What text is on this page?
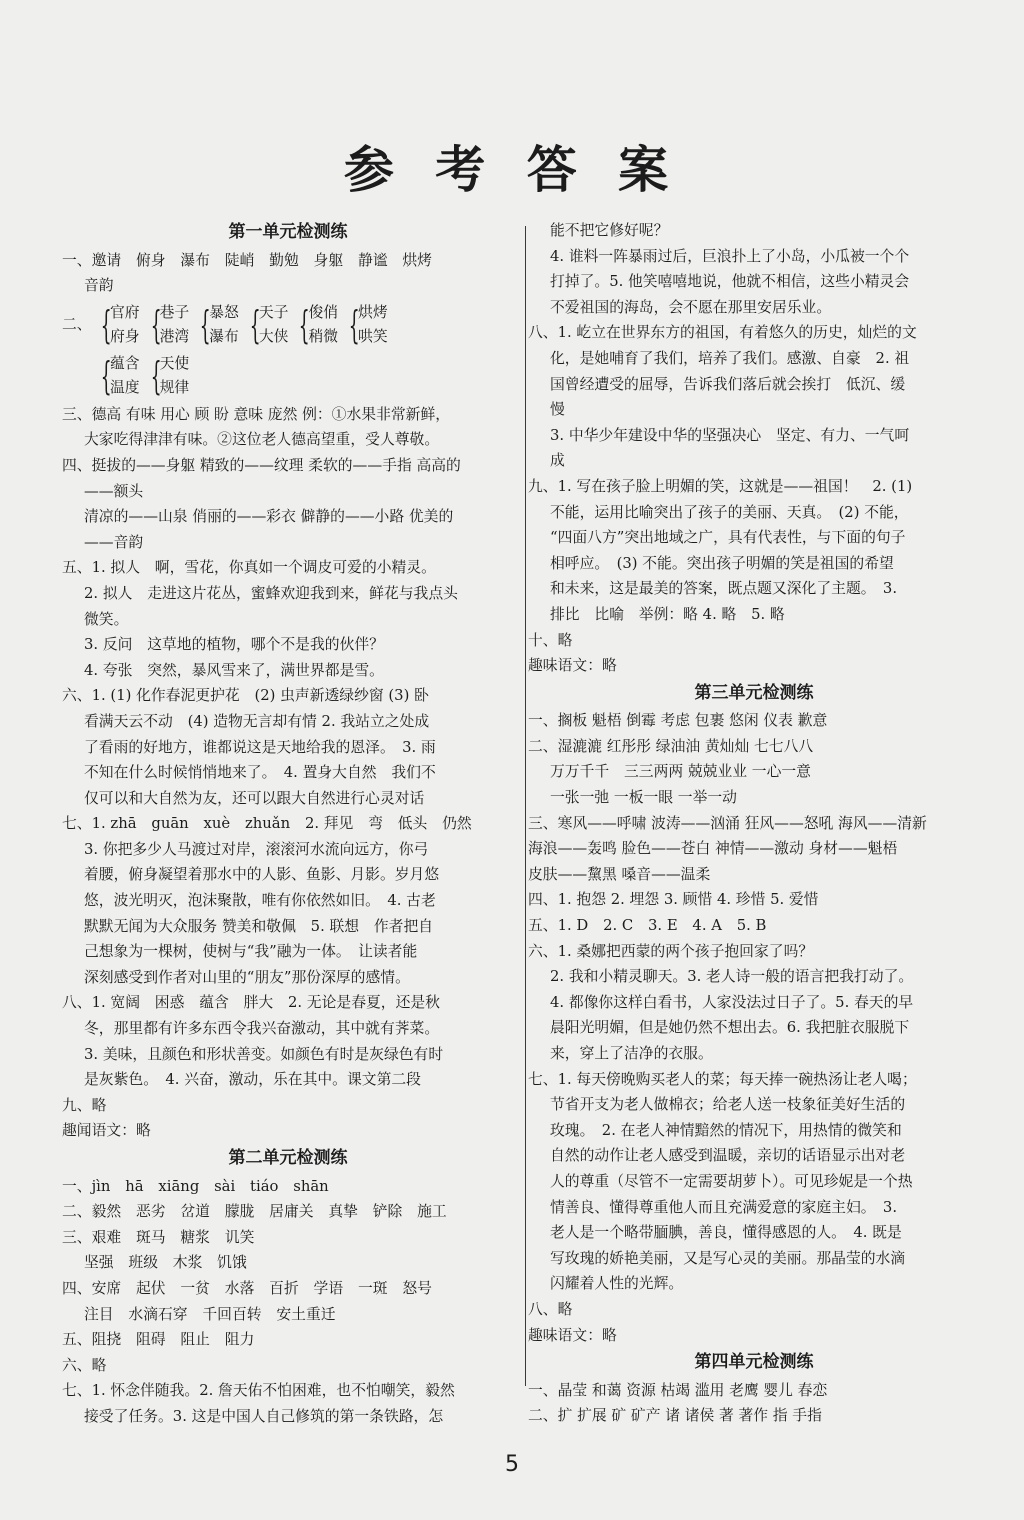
参 考 答 案
第一单元检测练
一、邀请　俯身　瀑布　陡峭　勤勉　身躯　静谧　烘烤
音韵
二、 {
官府
府身 {
巷子
港湾 {
暴怒
瀑布 {
天子
大侠 {
俊俏
稍微 {
烘烤
哄笑
{
蕴含
温度 {
天使
规律
三、德高 有味 用心 顾 盼 意味 庞然 例：①水果非常新鲜，
大家吃得津津有味。②这位老人德高望重，受人尊敬。
四、挺拔的——身躯 精致的——纹理 柔软的——手指 高高的
——额头
清凉的——山泉 俏丽的——彩衣 僻静的——小路 优美的
——音韵
五、1. 拟人　啊，雪花，你真如一个调皮可爱的小精灵。
2. 拟人　走进这片花丛，蜜蜂欢迎我到来，鲜花与我点头
微笑。
3. 反问　这草地的植物，哪个不是我的伙伴？
4. 夸张　突然，暴风雪来了，满世界都是雪。
六、1. (1) 化作春泥更护花　(2) 虫声新透绿纱窗 (3) 卧
看满天云不动　(4) 造物无言却有情 2. 我站立之处成
了看雨的好地方，谁都说这是天地给我的恩泽。　3. 雨
不知在什么时候悄悄地来了。　4. 置身大自然　我们不
仅可以和大自然为友，还可以跟大自然进行心灵对话
七、1. zhā　guān　xuè　zhuǎn　2. 拜见　弯　低头　仍然
3. 你把多少人马渡过对岸，滚滚河水流向远方，你弓
着腰，俯身凝望着那水中的人影、鱼影、月影。岁月悠
悠，波光明灭，泡沫聚散，唯有你依然如旧。　4. 古老
默默无闻为大众服务 赞美和敬佩　5. 联想　作者把自
己想象为一棵树，使树与“我”融为一体。　让读者能
深刻感受到作者对山里的“朋友”那份深厚的感情。
八、1. 宽阔　困惑　蕴含　胖大　2. 无论是春夏，还是秋
冬，那里都有许多东西令我兴奋激动，其中就有荠菜。
3. 美味，且颜色和形状善变。如颜色有时是灰绿色有时
是灰紫色。　4. 兴奋，激动，乐在其中。课文第二段
九、略
趣闻语文：略
第二单元检测练
一、jìn　hā　xiāng　sài　tiáo　shān
二、毅然　恶劣　岔道　朦胧　居庸关　真挚　铲除　施工
三、艰难　斑马　糖浆　讥笑
坚强　班级　木浆　饥饿
四、安席　起伏　一贫　水落　百折　学语　一斑　怒号
注目　水滴石穿　千回百转　安土重迁
五、阻挠　阻碍　阻止　阻力
六、略
七、1. 怀念伴随我。2. 詹天佑不怕困难，也不怕嘲笑，毅然
接受了任务。3. 这是中国人自己修筑的第一条铁路，怎
能不把它修好呢？
4. 谁料一阵暴雨过后，巨浪扑上了小岛，小瓜被一个个
打掉了。5. 他笑嘻嘻地说，他就不相信，这些小精灵会
不爱祖国的海岛，会不愿在那里安居乐业。
八、1. 屹立在世界东方的祖国，有着悠久的历史，灿烂的文
化，是她哺育了我们，培养了我们。感激、自豪　2. 祖
国曾经遭受的屈辱，告诉我们落后就会挨打　低沉、缓
慢
3. 中华少年建设中华的坚强决心　坚定、有力、一气呵
成
九、1. 写在孩子脸上明媚的笑，这就是——祖国！　2. (1)
不能，运用比喻突出了孩子的美丽、天真。　(2) 不能，
“四面八方”突出地域之广，具有代表性，与下面的句子
相呼应。　(3) 不能。突出孩子明媚的笑是祖国的希望
和未来，这是最美的答案，既点题又深化了主题。　3.
排比　比喻　举例：略 4. 略　5. 略
十、略
趣味语文：略
第三单元检测练
一、搁板 魁梧 倒霉 考虑 包裹 悠闲 仪表 歉意
二、湿漉漉 红彤彤 绿油油 黄灿灿 七七八八
万万千千　三三两两 兢兢业业 一心一意
一张一弛 一板一眼 一举一动
三、寒风——呼啸 波涛——汹涌 狂风——怒吼 海风——清新
海浪——轰鸣 脸色——苍白 神情——激动 身材——魁梧
皮肤——黧黑 嗓音——温柔
四、1. 抱怨 2. 埋怨 3. 顾惜 4. 珍惜 5. 爱惜
五、1. D　2. C　3. E　4. A　5. B
六、1. 桑娜把西蒙的两个孩子抱回家了吗？
2. 我和小精灵聊天。3. 老人诗一般的语言把我打动了。
4. 都像你这样白看书，人家没法过日子了。5. 春天的早
晨阳光明媚，但是她仍然不想出去。6. 我把脏衣服脱下
来，穿上了洁净的衣服。
七、1. 每天傍晚购买老人的菜；每天捧一碗热汤让老人喝；
节省开支为老人做棉衣；给老人送一枝象征美好生活的
玫瑰。　2. 在老人神情黯然的情况下，用热情的微笑和
自然的动作让老人感受到温暖，亲切的话语显示出对老
人的尊重（尽管不一定需要胡萝卜）。可见珍妮是一个热
情善良、懂得尊重他人而且充满爱意的家庭主妇。　3.
老人是一个略带腼腆，善良，懂得感恩的人。　4. 既是
写玫瑰的娇艳美丽，又是写心灵的美丽。那晶莹的水滴
闪耀着人性的光辉。
八、略
趣味语文：略
第四单元检测练
一、晶莹 和蔼 资源 枯竭 滥用 老鹰 婴儿 春恋
二、扩 扩展 矿 矿产 诸 诸侯 著 著作 指 手指
5
